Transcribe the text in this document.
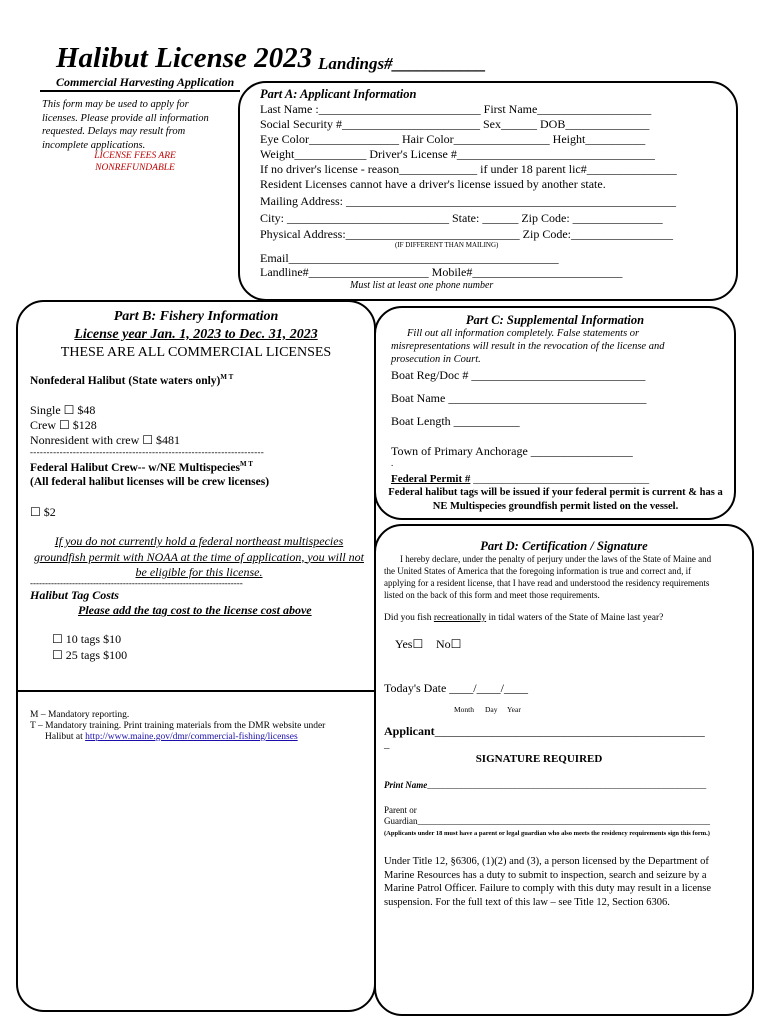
Halibut License 2023 Landings#___________
Commercial Harvesting Application
This form may be used to apply for licenses. Please provide all information requested. Delays may result from incomplete applications.
LICENSE FEES ARE
NONREFUNDABLE
Part A: Applicant Information
Last Name :___________________________ First Name___________________
Social Security #_______________________ Sex______ DOB______________
Eye Color_______________ Hair Color________________ Height__________
Weight____________ Driver's License #_________________________________
If no driver's license - reason_____________ if under 18 parent lic#_______________
Resident Licenses cannot have a driver's license issued by another state.
Mailing Address: _______________________________________________________
City: ___________________________ State: ______ Zip Code: _______________
Physical Address:_____________________________ Zip Code:_________________
(IF DIFFERENT THAN MAILING)
Email_____________________________________________
Landline#____________________ Mobile#_________________________
Must list at least one phone number
Part B: Fishery Information
License year Jan. 1, 2023 to Dec. 31, 2023
THESE ARE ALL COMMERCIAL LICENSES
Nonfederal Halibut (State waters only)$^{M T}$
Single ☐ $48
Crew ☐ $128
Nonresident with crew ☐ $481
-----------------------------------------------------------------------
Federal Halibut Crew-- w/NE Multispecies$^{M T}$
(All federal halibut licenses will be crew licenses)
☐ $2
If you do not currently hold a federal northeast multispecies groundfish permit with NOAA at the time of application, you will not be eligible for this license.
-----------------------------------------------------------------------
Halibut Tag Costs
Please add the tag cost to the license cost above
☐ 10 tags $10
☐ 25 tags $100
M – Mandatory reporting.
T – Mandatory training. Print training materials from the DMR website under
Halibut at http://www.maine.gov/dmr/commercial-fishing/licenses
Part C: Supplemental Information
Fill out all information completely. False statements or misrepresentations will result in the revocation of the license and prosecution in Court.
Boat Reg/Doc # _____________________________
Boat Name _________________________________
Boat Length ___________
Town of Primary Anchorage _________________
.
Federal Permit # ________________________________
Federal halibut tags will be issued if your federal permit is current & has a NE Multispecies groundfish permit listed on the vessel.
Part D: Certification / Signature
I hereby declare, under the penalty of perjury under the laws of the State of Maine and the United States of America that the foregoing information is true and correct and, if applying for a resident license, that I have read and understood the residency requirements listed on the back of this form and meet those requirements.
Did you fish recreationally in tidal waters of the State of Maine last year?
Yes☐ No☐
Today's Date ____/____/____
Month Day Year
Applicant_____________________________________________
_
SIGNATURE REQUIRED
Print Name______________________________________________________________
Parent or
Guardian_________________________________________________________________
(Applicants under 18 must have a parent or legal guardian who also meets the residency requirements sign this form.)
Under Title 12, §6306, (1)(2) and (3), a person licensed by the Department of Marine Resources has a duty to submit to inspection, search and seizure by a Marine Patrol Officer. Failure to comply with this duty may result in a license suspension. For the full text of this law – see Title 12, Section 6306.
